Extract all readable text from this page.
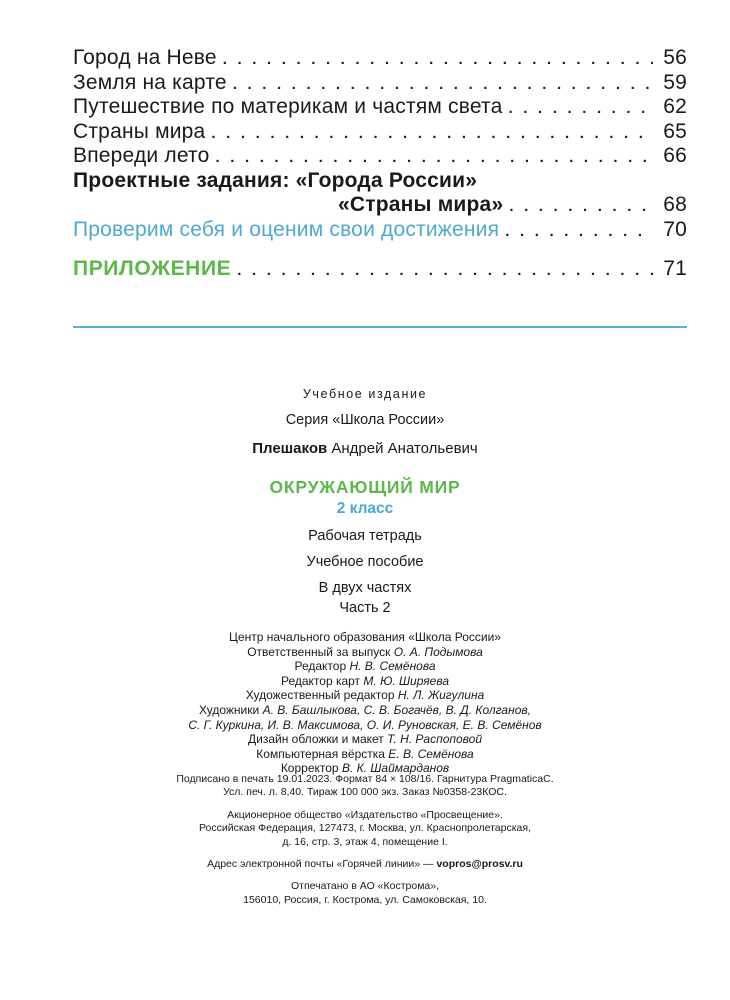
Город на Неве . . .	56
Земля на карте . . .	59
Путешествие по материкам и частям света . . .	62
Страны мира . . .	65
Впереди лето . . .	66
Проектные задания: «Города России»
«Страны мира» . . .	68
Проверим себя и оценим свои достижения . . .	70
ПРИЛОЖЕНИЕ . . .	71
Учебное издание
Серия «Школа России»
Плешаков Андрей Анатольевич
ОКРУЖАЮЩИЙ МИР
2 класс
Рабочая тетрадь
Учебное пособие
В двух частях
Часть 2
Центр начального образования «Школа России»
Ответственный за выпуск О. А. Подымова
Редактор Н. В. Семёнова
Редактор карт М. Ю. Ширяева
Художественный редактор Н. Л. Жигулина
Художники А. В. Башлыкова, С. В. Богачёв, В. Д. Колганов,
С. Г. Куркина, И. В. Максимова, О. И. Руновская, Е. В. Семёнов
Дизайн обложки и макет Т. Н. Распоповой
Компьютерная вёрстка Е. В. Семёнова
Корректор В. К. Шаймарданов
Подписано в печать 19.01.2023. Формат 84 × 108/16. Гарнитура PragmaticaC.
Усл. печ. л. 8,40. Тираж 100 000 экз. Заказ №0358-23КОС.
Акционерное общество «Издательство «Просвещение».
Российская Федерация, 127473, г. Москва, ул. Краснопролетарская,
д. 16, стр. 3, этаж 4, помещение I.
Адрес электронной почты «Горячей линии» — vopros@prosv.ru
Отпечатано в АО «Кострома»,
156010, Россия, г. Кострома, ул. Самоковская, 10.
